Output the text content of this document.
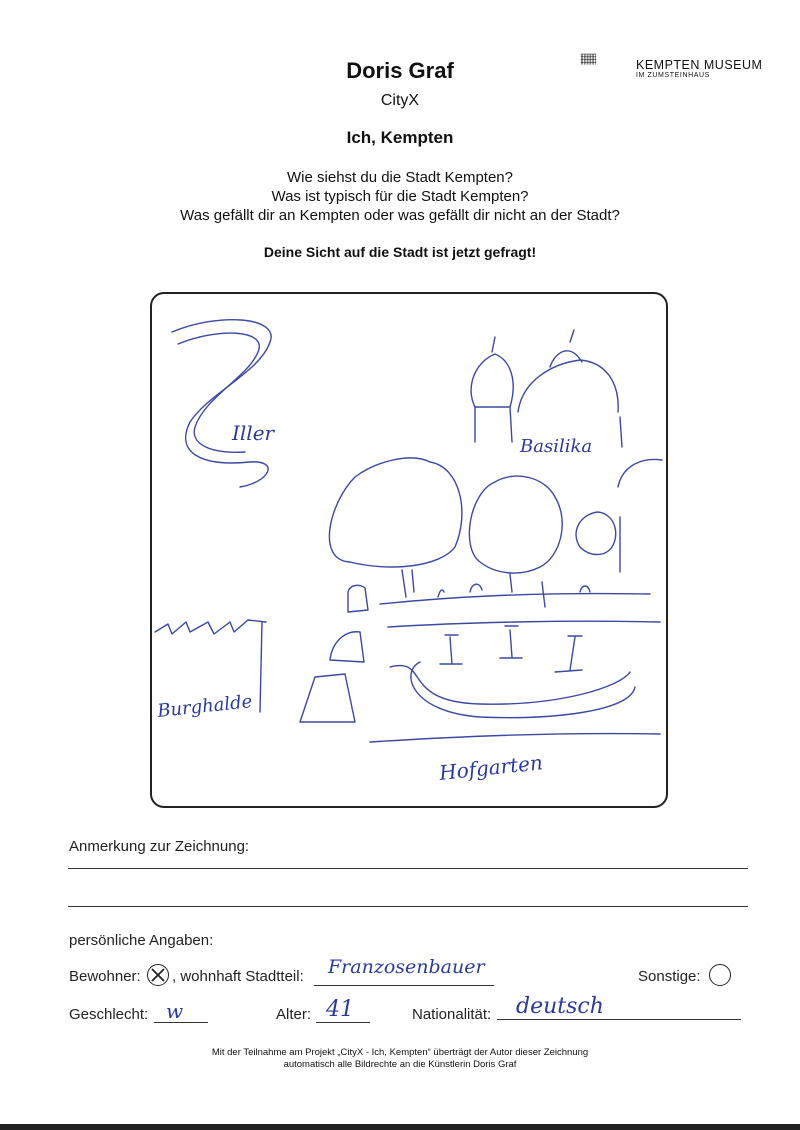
Doris Graf
CityX
Ich, Kempten
KEMPTEN MUSEUM
IM ZUMSTEINHAUS
Wie siehst du die Stadt Kempten?
Was ist typisch für die Stadt Kempten?
Was gefällt dir an Kempten oder was gefällt dir nicht an der Stadt?
Deine Sicht auf die Stadt ist jetzt gefragt!
Iller
Basilika
Burghalde
Hofgarten
Anmerkung zur Zeichnung:
persönliche Angaben:
Bewohner: , wohnhaft Stadtteil: Franzosenbauer	Sonstige:
Geschlecht: w	Alter: 41	Nationalität: deutsch
Mit der Teilnahme am Projekt „CityX - Ich, Kempten“ überträgt der Autor dieser Zeichnung
automatisch alle Bildrechte an die Künstlerin Doris Graf
